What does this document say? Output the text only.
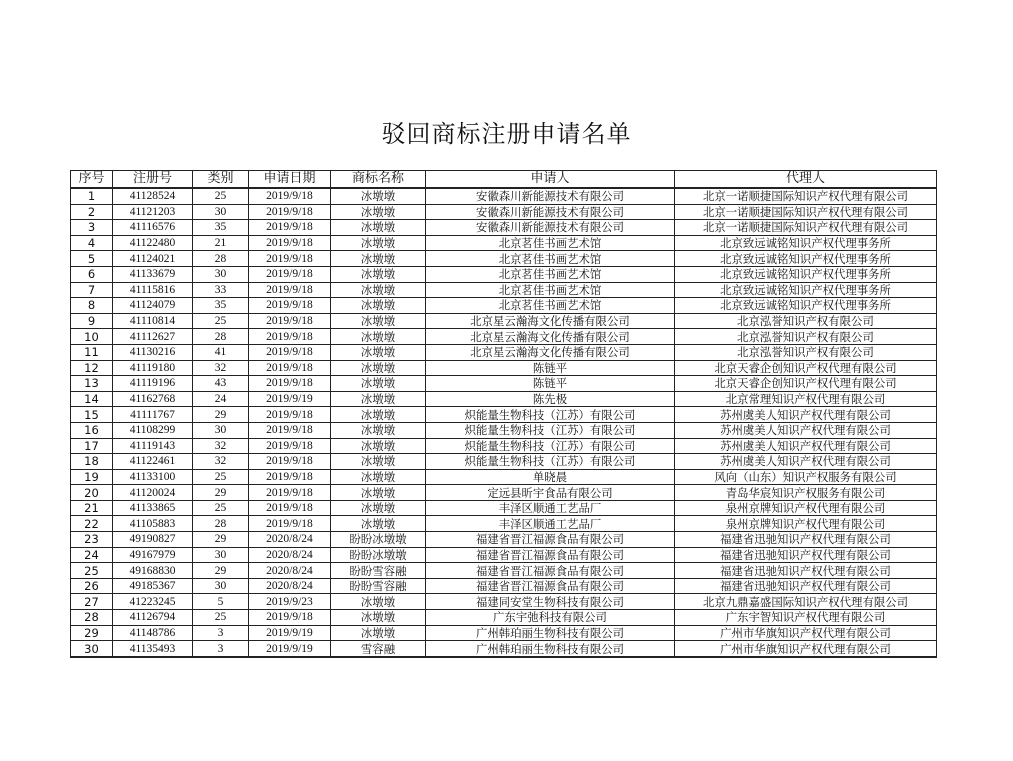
驳回商标注册申请名单
序号	注册号	类别	申请日期	商标名称	申请人	代理人
1	41128524	25	2019/9/18	冰墩墩	安徽森川新能源技术有限公司	北京一诺顺捷国际知识产权代理有限公司
2	41121203	30	2019/9/18	冰墩墩	安徽森川新能源技术有限公司	北京一诺顺捷国际知识产权代理有限公司
3	41116576	35	2019/9/18	冰墩墩	安徽森川新能源技术有限公司	北京一诺顺捷国际知识产权代理有限公司
4	41122480	21	2019/9/18	冰墩墩	北京茗佳书画艺术馆	北京致远诚铭知识产权代理事务所
5	41124021	28	2019/9/18	冰墩墩	北京茗佳书画艺术馆	北京致远诚铭知识产权代理事务所
6	41133679	30	2019/9/18	冰墩墩	北京茗佳书画艺术馆	北京致远诚铭知识产权代理事务所
7	41115816	33	2019/9/18	冰墩墩	北京茗佳书画艺术馆	北京致远诚铭知识产权代理事务所
8	41124079	35	2019/9/18	冰墩墩	北京茗佳书画艺术馆	北京致远诚铭知识产权代理事务所
9	41110814	25	2019/9/18	冰墩墩	北京星云瀚海文化传播有限公司	北京泓誉知识产权有限公司
10	41112627	28	2019/9/18	冰墩墩	北京星云瀚海文化传播有限公司	北京泓誉知识产权有限公司
11	41130216	41	2019/9/18	冰墩墩	北京星云瀚海文化传播有限公司	北京泓誉知识产权有限公司
12	41119180	32	2019/9/18	冰墩墩	陈链平	北京天睿企创知识产权代理有限公司
13	41119196	43	2019/9/18	冰墩墩	陈链平	北京天睿企创知识产权代理有限公司
14	41162768	24	2019/9/19	冰墩墩	陈先极	北京常理知识产权代理有限公司
15	41111767	29	2019/9/18	冰墩墩	炽能量生物科技（江苏）有限公司	苏州虞美人知识产权代理有限公司
16	41108299	30	2019/9/18	冰墩墩	炽能量生物科技（江苏）有限公司	苏州虞美人知识产权代理有限公司
17	41119143	32	2019/9/18	冰墩墩	炽能量生物科技（江苏）有限公司	苏州虞美人知识产权代理有限公司
18	41122461	32	2019/9/18	冰墩墩	炽能量生物科技（江苏）有限公司	苏州虞美人知识产权代理有限公司
19	41133100	25	2019/9/18	冰墩墩	单晓晨	风向（山东）知识产权服务有限公司
20	41120024	29	2019/9/18	冰墩墩	定远县昕宇食品有限公司	青岛华宸知识产权服务有限公司
21	41133865	25	2019/9/18	冰墩墩	丰泽区顺通工艺品厂	泉州京牌知识产权代理有限公司
22	41105883	28	2019/9/18	冰墩墩	丰泽区顺通工艺品厂	泉州京牌知识产权代理有限公司
23	49190827	29	2020/8/24	盼盼冰墩墩	福建省晋江福源食品有限公司	福建省迅驰知识产权代理有限公司
24	49167979	30	2020/8/24	盼盼冰墩墩	福建省晋江福源食品有限公司	福建省迅驰知识产权代理有限公司
25	49168830	29	2020/8/24	盼盼雪容融	福建省晋江福源食品有限公司	福建省迅驰知识产权代理有限公司
26	49185367	30	2020/8/24	盼盼雪容融	福建省晋江福源食品有限公司	福建省迅驰知识产权代理有限公司
27	41223245	5	2019/9/23	冰墩墩	福建同安堂生物科技有限公司	北京九鼎嘉盛国际知识产权代理有限公司
28	41126794	25	2019/9/18	冰墩墩	广东宇弛科技有限公司	广东宇智知识产权代理有限公司
29	41148786	3	2019/9/19	冰墩墩	广州韩珀丽生物科技有限公司	广州市华旗知识产权代理有限公司
30	41135493	3	2019/9/19	雪容融	广州韩珀丽生物科技有限公司	广州市华旗知识产权代理有限公司
